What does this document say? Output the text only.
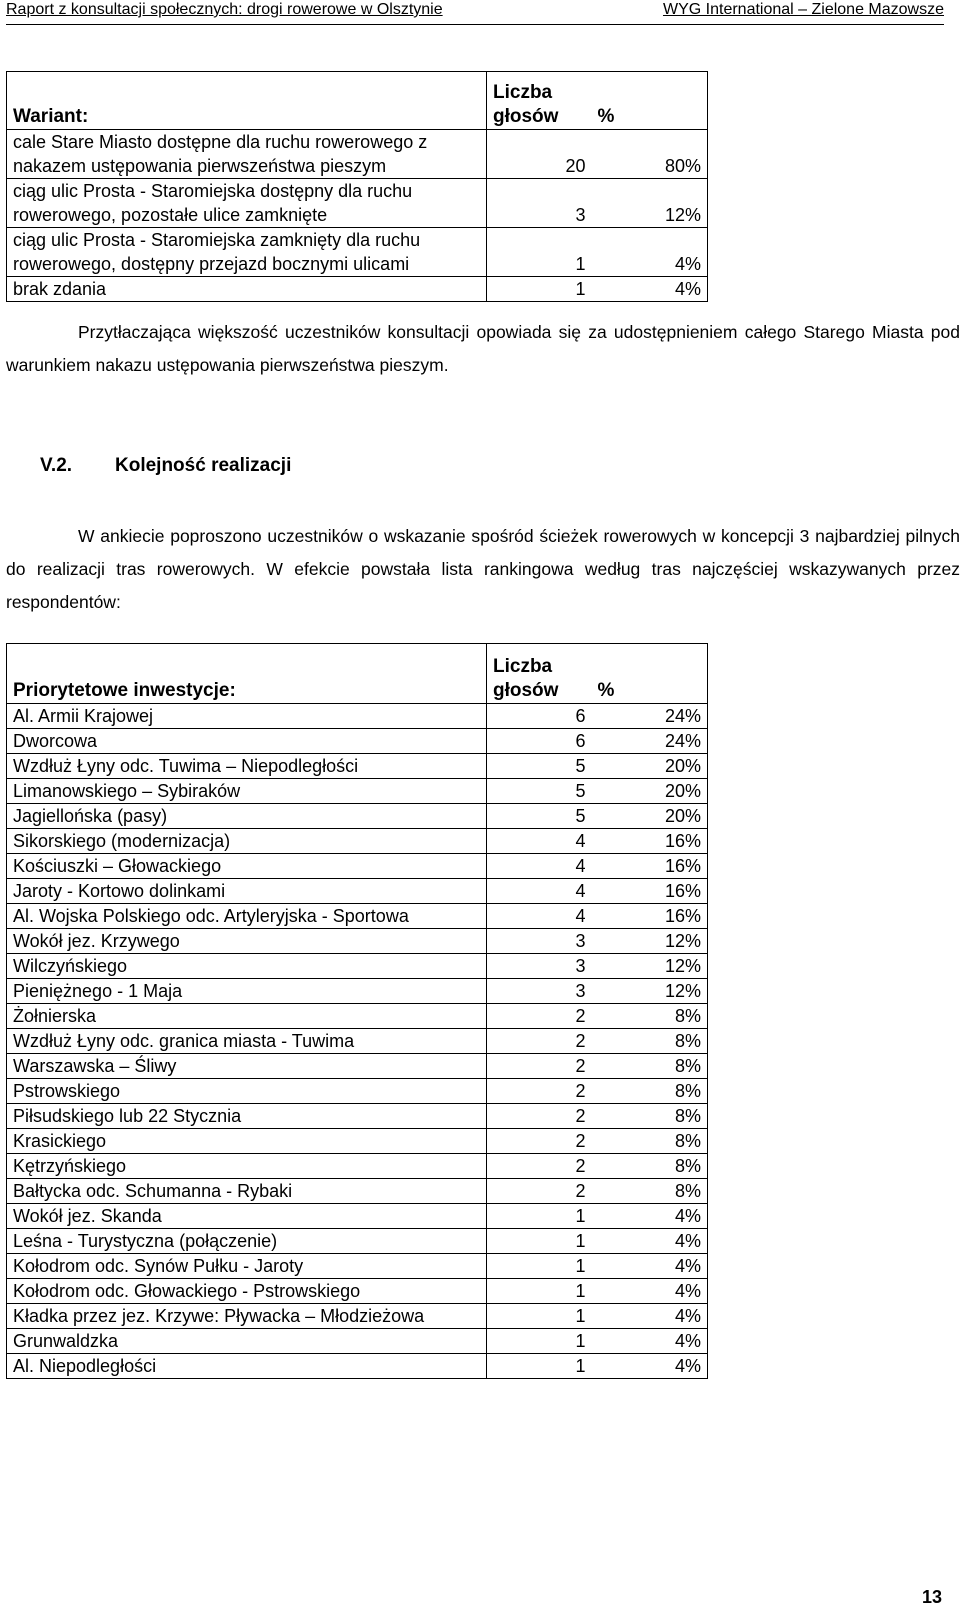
Raport z konsultacji społecznych: drogi rowerowe w Olsztynie	WYG International – Zielone Mazowsze
Wariant:	Liczba głosów	%
cale Stare Miasto dostępne dla ruchu rowerowego z nakazem ustępowania pierwszeństwa pieszym	20	80%
ciąg ulic Prosta - Staromiejska dostępny dla ruchu rowerowego, pozostałe ulice zamknięte	3	12%
ciąg ulic Prosta - Staromiejska zamknięty dla ruchu rowerowego, dostępny przejazd bocznymi ulicami	1	4%
brak zdania	1	4%

Przytłaczająca większość uczestników konsultacji opowiada się za udostępnieniem całego Starego Miasta pod warunkiem nakazu ustępowania pierwszeństwa pieszym.

V.2. Kolejność realizacji

W ankiecie poproszono uczestników o wskazanie spośród ścieżek rowerowych w koncepcji 3 najbardziej pilnych do realizacji tras rowerowych. W efekcie powstała lista rankingowa według tras najczęściej wskazywanych przez respondentów:

Priorytetowe inwestycje:	Liczba głosów	%
Al. Armii Krajowej	6	24%
Dworcowa	6	24%
Wzdłuż Łyny odc. Tuwima – Niepodległości	5	20%
Limanowskiego – Sybiraków	5	20%
Jagiellońska (pasy)	5	20%
Sikorskiego (modernizacja)	4	16%
Kościuszki – Głowackiego	4	16%
Jaroty - Kortowo dolinkami	4	16%
Al. Wojska Polskiego odc. Artyleryjska - Sportowa	4	16%
Wokół jez. Krzywego	3	12%
Wilczyńskiego	3	12%
Pieniężnego - 1 Maja	3	12%
Żołnierska	2	8%
Wzdłuż Łyny odc. granica miasta - Tuwima	2	8%
Warszawska – Śliwy	2	8%
Pstrowskiego	2	8%
Piłsudskiego lub 22 Stycznia	2	8%
Krasickiego	2	8%
Kętrzyńskiego	2	8%
Bałtycka odc. Schumanna - Rybaki	2	8%
Wokół jez. Skanda	1	4%
Leśna - Turystyczna (połączenie)	1	4%
Kołodrom odc. Synów Pułku - Jaroty	1	4%
Kołodrom odc. Głowackiego - Pstrowskiego	1	4%
Kładka przez jez. Krzywe: Pływacka – Młodzieżowa	1	4%
Grunwaldzka	1	4%
Al. Niepodległości	1	4%
13
